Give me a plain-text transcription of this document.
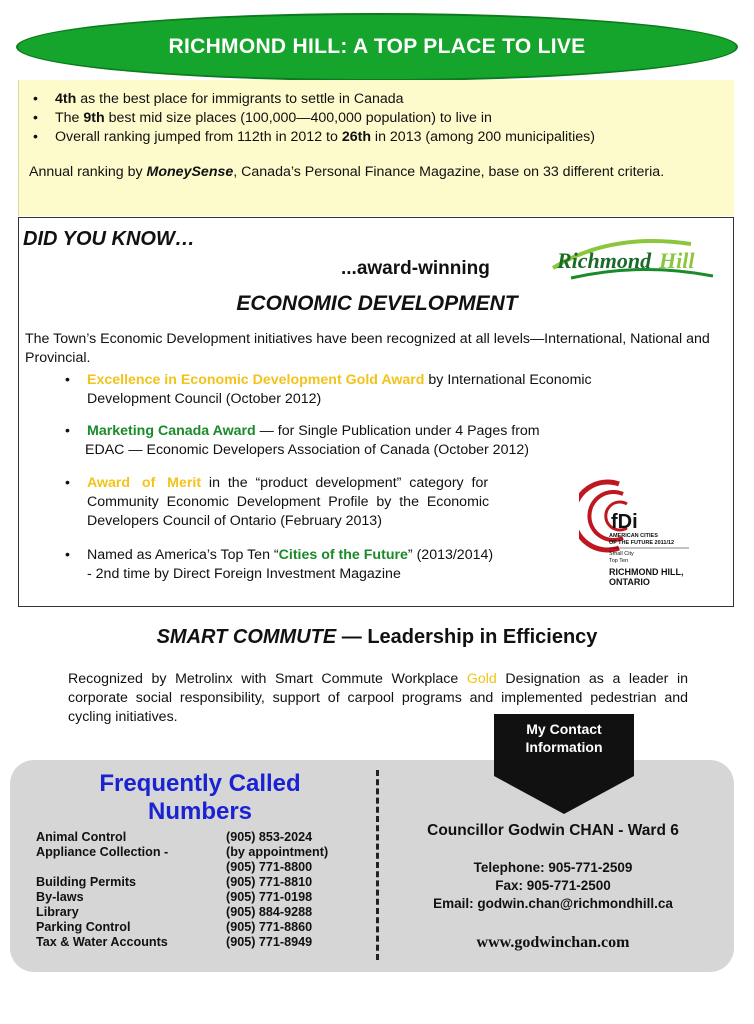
RICHMOND HILL: A TOP PLACE TO LIVE
• 4th as the best place for immigrants to settle in Canada
• The 9th best mid size places (100,000—400,000 population) to live in
• Overall ranking jumped from 112th in 2012 to 26th in 2013 (among 200 municipalities)
Annual ranking by MoneySense, Canada’s Personal Finance Magazine, base on 33 different criteria.
DID YOU KNOW…
...award-winning	Richmond Hill
ECONOMIC DEVELOPMENT
The Town’s Economic Development initiatives have been recognized at all levels—International, National and Provincial.
• Excellence in Economic Development Gold Award by International Economic
Development Council (October 2012)
• Marketing Canada Award — for Single Publication under 4 Pages from
EDAC — Economic Developers Association of Canada (October 2012)
• Award   of   Merit  in  the  “product  development”  category  for
Community  Economic  Development  Profile  by  the  Economic
Developers Council of Ontario (February 2013)
• Named as America’s Top Ten “Cities of the Future” (2013/2014)
- 2nd time by Direct Foreign Investment Magazine
fDi
AMERICAN CITIES
OF THE FUTURE 2011/12
Small City
Top Ten
RICHMOND HILL,
ONTARIO
SMART COMMUTE — Leadership in Efficiency
Recognized by Metrolinx with Smart Commute Workplace Gold Designation as a leader in corporate social responsibility, support of carpool programs and implemented pedestrian and cycling initiatives.
My Contact
Information
Frequently Called
Numbers
Animal Control	(905) 853-2024
Appliance Collection -	(by appointment)
(905) 771-8800
Building Permits	(905) 771-8810
By-laws	(905) 771-0198
Library	(905) 884-9288
Parking Control	(905) 771-8860
Tax & Water Accounts	(905) 771-8949
Councillor Godwin CHAN - Ward 6
Telephone: 905-771-2509
Fax: 905-771-2500
Email: godwin.chan@richmondhill.ca
www.godwinchan.com
